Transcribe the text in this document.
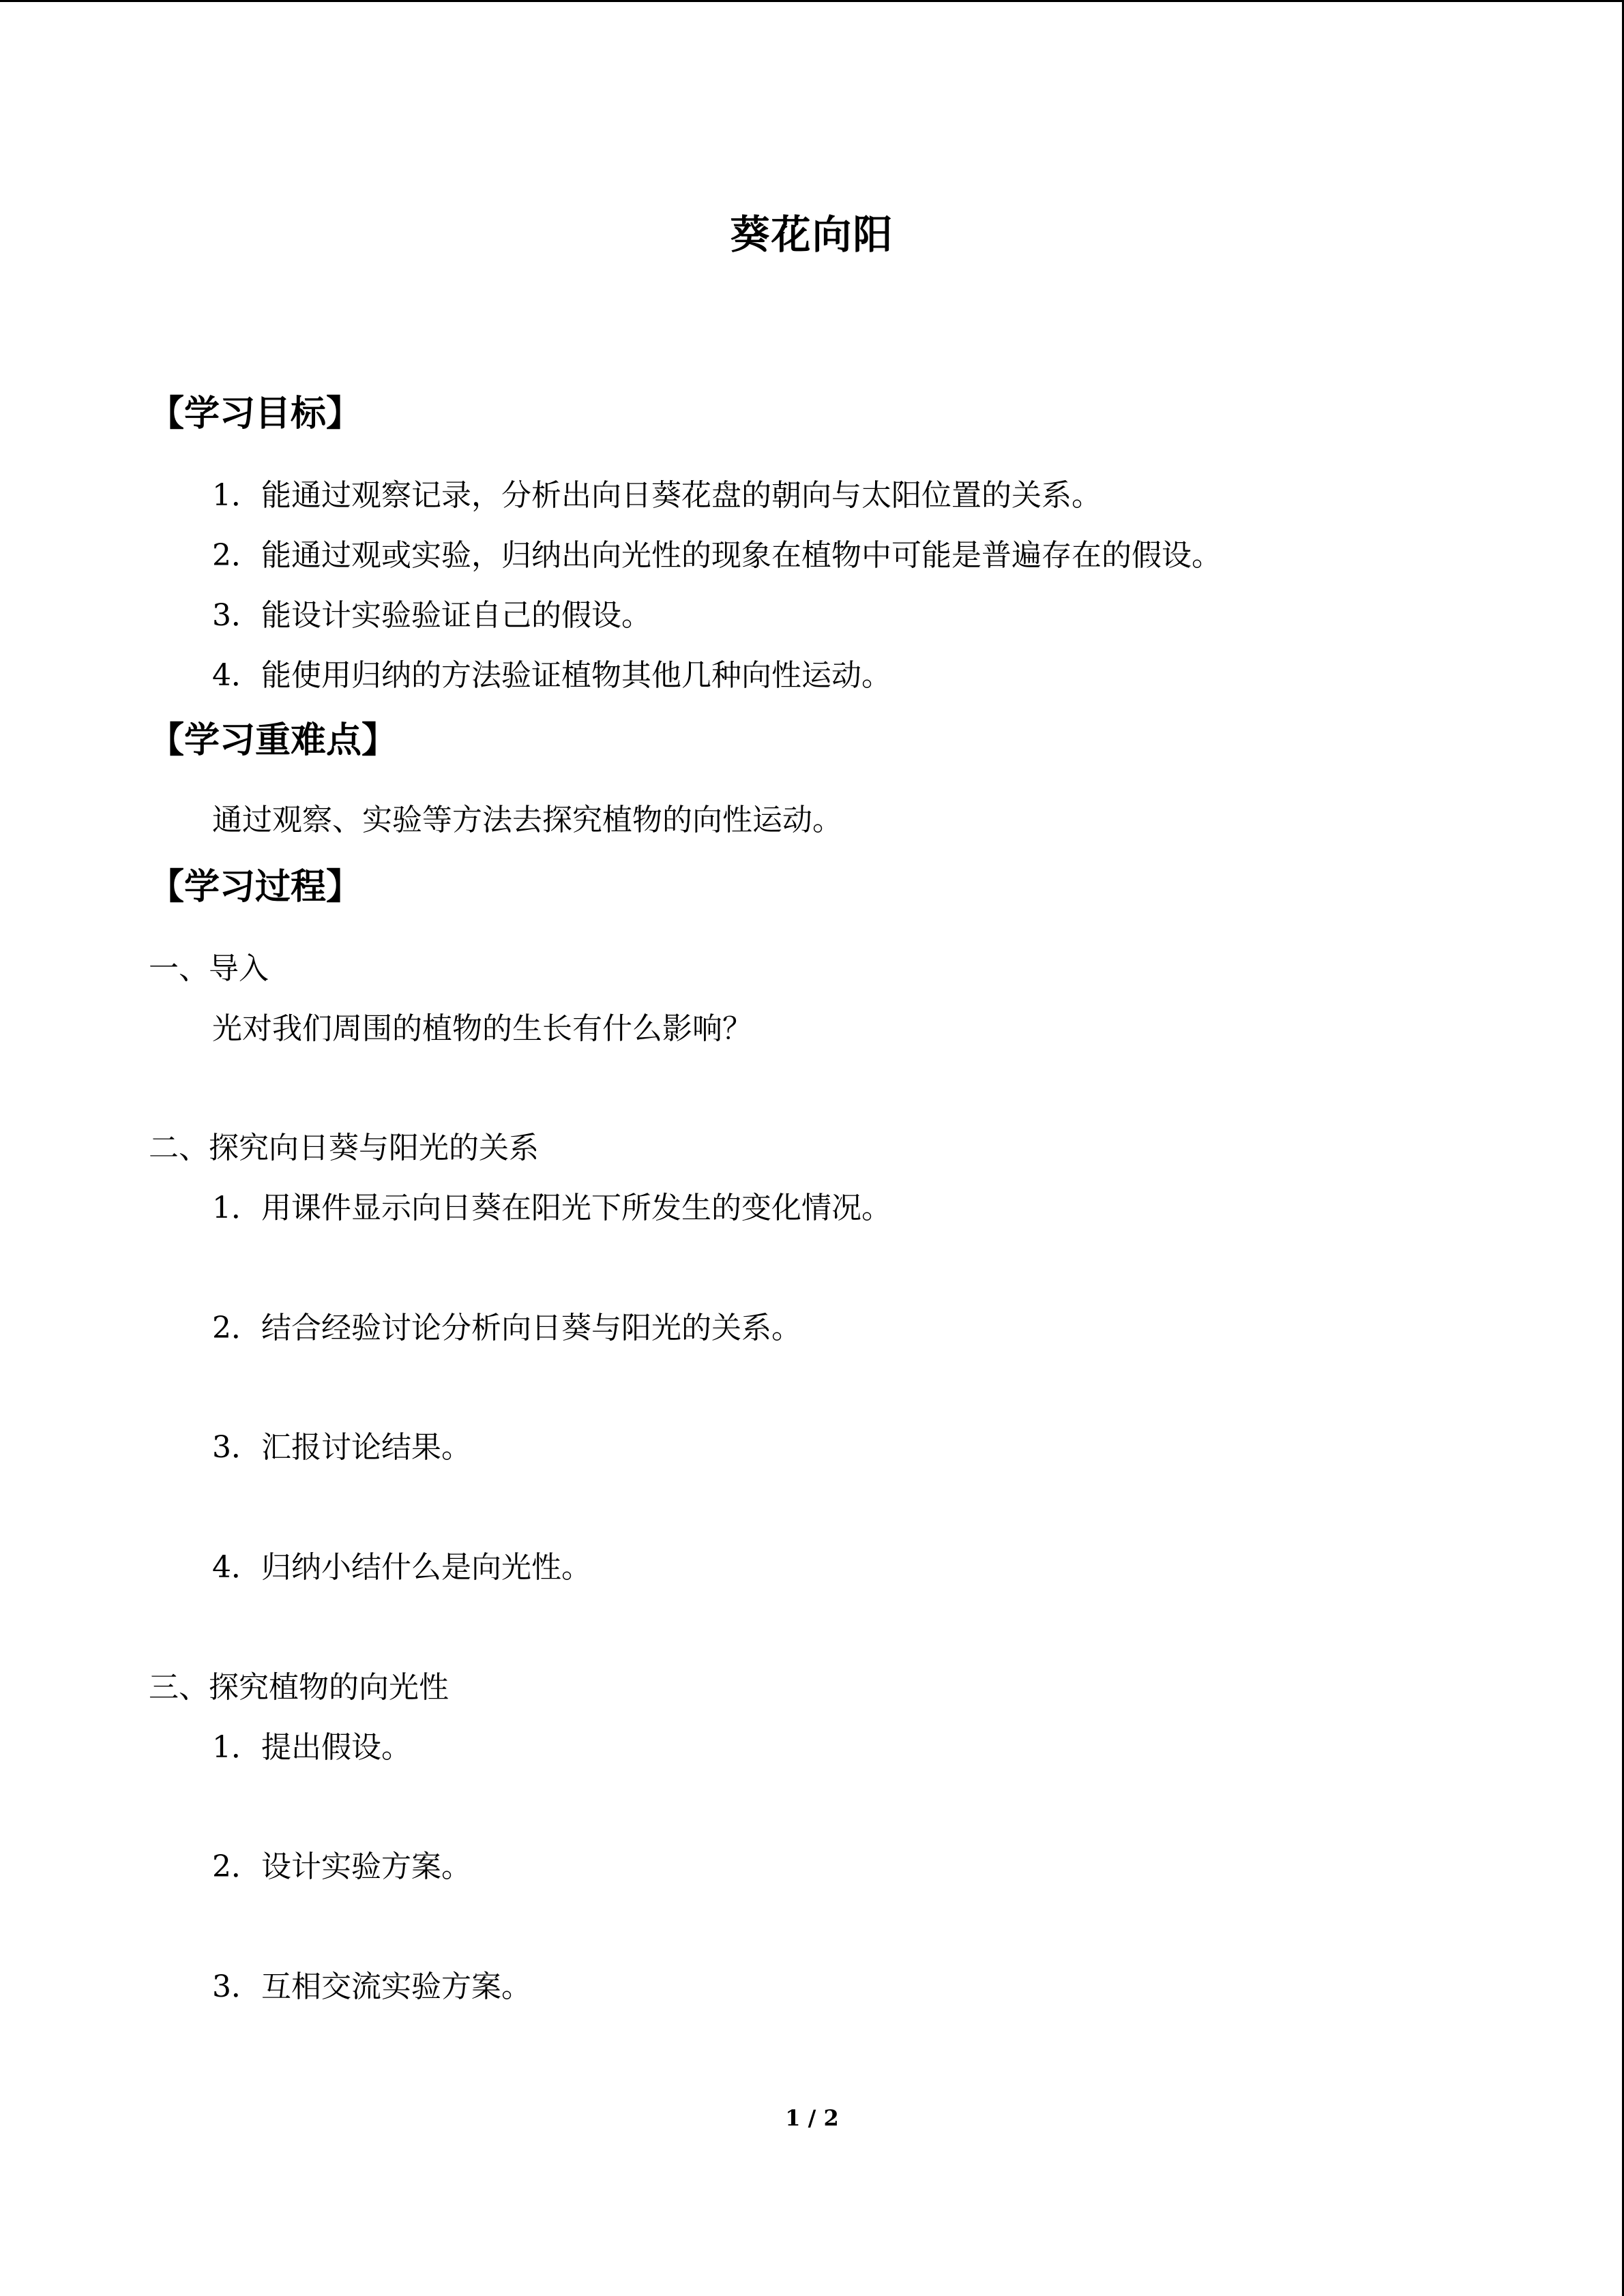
葵花向阳
【学习目标】
1．能通过观察记录，分析出向日葵花盘的朝向与太阳位置的关系。
2．能通过观或实验，归纳出向光性的现象在植物中可能是普遍存在的假设。
3．能设计实验验证自己的假设。
4．能使用归纳的方法验证植物其他几种向性运动。
【学习重难点】
通过观察、实验等方法去探究植物的向性运动。
【学习过程】
一、导入
光对我们周围的植物的生长有什么影响？
二、探究向日葵与阳光的关系
1．用课件显示向日葵在阳光下所发生的变化情况。
2．结合经验讨论分析向日葵与阳光的关系。
3．汇报讨论结果。
4．归纳小结什么是向光性。
三、探究植物的向光性
1．提出假设。
2．设计实验方案。
3．互相交流实验方案。
1 / 2
